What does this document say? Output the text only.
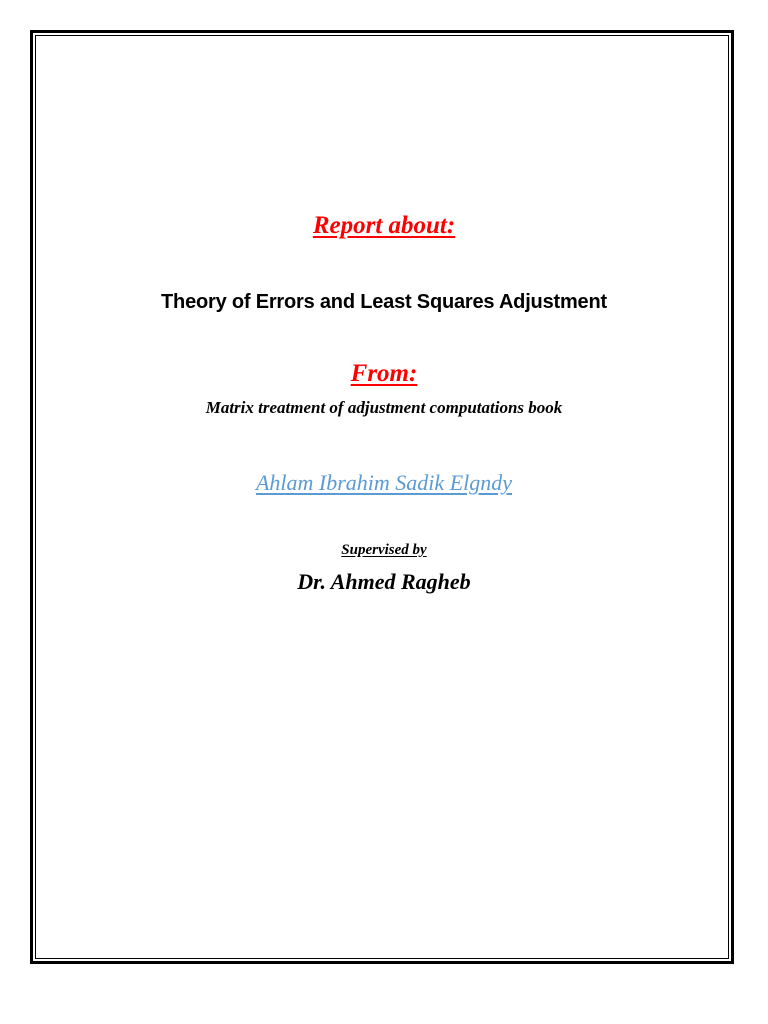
Report about:
Theory of Errors and Least Squares Adjustment
From:
Matrix treatment of adjustment computations book
Ahlam Ibrahim Sadik Elgndy
Supervised by
Dr. Ahmed Ragheb
